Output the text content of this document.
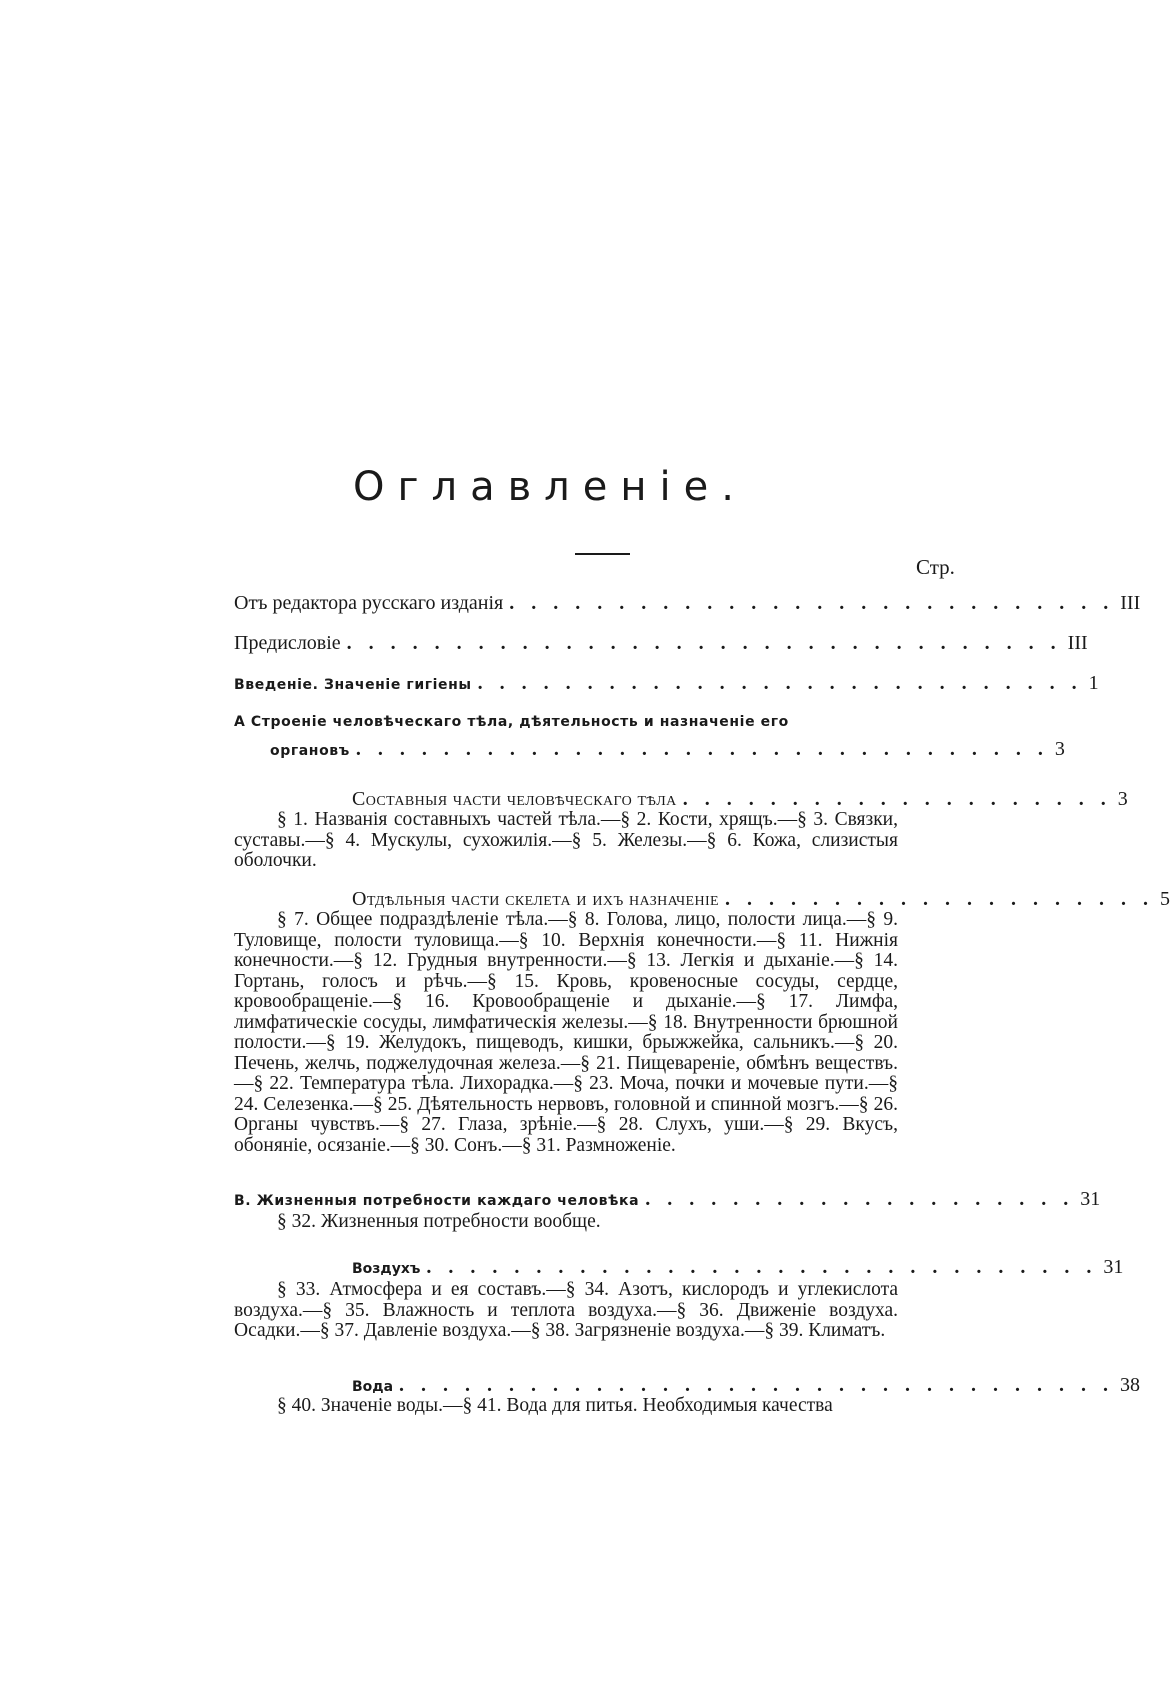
Оглавленіе.
Стр.
Отъ редактора русскаго изданія . . . . . . . . . . . . . . . . . . . . . . . . . . . . III
Предисловіе . . . . . . . . . . . . . . . . . . . . . . . . . . . . . . . . . III
Введеніе. Значеніе гигіены . . . . . . . . . . . . . . . . . . . . . . . . . . . . 1
А Строеніе человѣческаго тѣла, дѣятельность и назначеніе его
органовъ . . . . . . . . . . . . . . . . . . . . . . . . . . . . . . . . 3
Составныя части человѣческаго тѣла . . . . . . . . . . . . . . . . . . . . 3
§ 1. Названія составныхъ частей тѣла.—§ 2. Кости, хрящъ.—§ 3. Связки, суставы.—§ 4. Мускулы, сухожилія.—§ 5. Железы.—§ 6. Кожа, слизистыя оболочки.
Отдѣльныя части скелета и ихъ назначеніе . . . . . . . . . . . . . . . . . . . . 5
§ 7. Общее подраздѣленіе тѣла.—§ 8. Голова, лицо, полости лица.—§ 9. Туловище, полости туловища.—§ 10. Верхнія конечности.—§ 11. Нижнія конечности.—§ 12. Грудныя внутренности.—§ 13. Легкія и дыханіе.—§ 14. Гортань, голосъ и рѣчь.—§ 15. Кровь, кровеносные сосуды, сердце, кровообращеніе.—§ 16. Кровообращеніе и дыханіе.—§ 17. Лимфа, лимфатическіе сосуды, лимфатическія железы.—§ 18. Внутренности брюшной полости.—§ 19. Желудокъ, пищеводъ, кишки, брыжжейка, сальникъ.—§ 20. Печень, желчь, поджелудочная железа.—§ 21. Пищевареніе, обмѣнъ веществъ.—§ 22. Температура тѣла. Лихорадка.—§ 23. Моча, почки и мочевые пути.—§ 24. Селезенка.—§ 25. Дѣятельность нервовъ, головной и спинной мозгъ.—§ 26. Органы чувствъ.—§ 27. Глаза, зрѣніе.—§ 28. Слухъ, уши.—§ 29. Вкусъ, обоняніе, осязаніе.—§ 30. Сонъ.—§ 31. Размноженіе.
В. Жизненныя потребности каждаго человѣка . . . . . . . . . . . . . . . . . . . . 31
§ 32. Жизненныя потребности вообще.
Воздухъ . . . . . . . . . . . . . . . . . . . . . . . . . . . . . . . 31
§ 33. Атмосфера и ея составъ.—§ 34. Азотъ, кислородъ и углекислота воздуха.—§ 35. Влажность и теплота воздуха.—§ 36. Движеніе воздуха. Осадки.—§ 37. Давленіе воздуха.—§ 38. Загрязненіе воздуха.—§ 39. Климатъ.
Вода . . . . . . . . . . . . . . . . . . . . . . . . . . . . . . . . . 38
§ 40. Значеніе воды.—§ 41. Вода для питья. Необходимыя качества
